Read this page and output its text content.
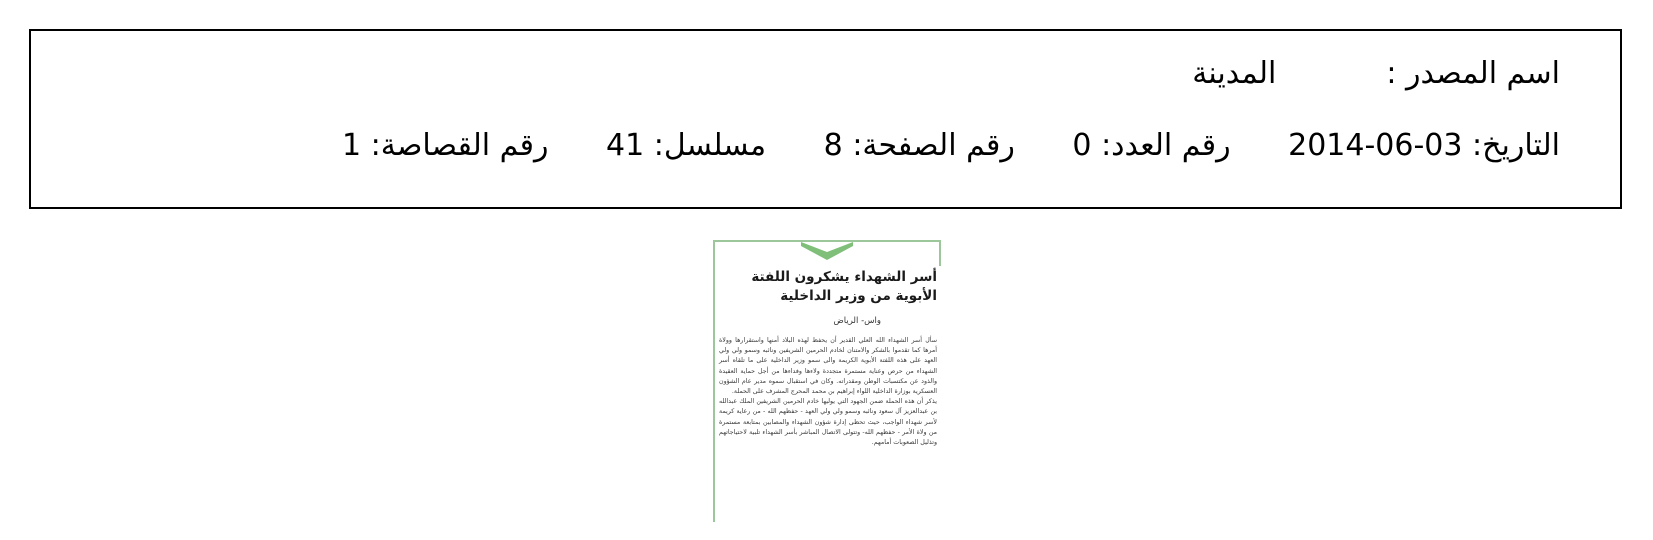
اسم المصدر :المدينة
التاريخ: 2014-06-03 رقم العدد: 0 رقم الصفحة: 8 مسلسل: 41 رقم القصاصة: 1
أسر الشهداء يشكرون اللفتة الأبوية من وزير الداخلية
واس- الرياض

سأل أسر الشهداء الله العلي القدير أن يحفظ لهذه البلاد أمنها واستقرارها وولاة أمرها كما تقدموا بالشكر والامتنان لخادم الحرمين الشريفين ونائبه وسمو ولي ولي العهد على هذه اللفتة الأبوية الكريمة والى سمو وزير الداخلية على ما تلقاه أسر الشهداء من حرص وعناية مستمرة متجددة ولاءها وفداءها من أجل حماية العقيدة والذود عن مكتسبات الوطن ومقدراته. وكان في استقبال سموه مدير عام الشؤون العسكرية بوزارة الداخلية اللواء إبراهيم بن محمد المحرج المشرف على الحملة.

يذكر أن هذه الحملة ضمن الجهود التي يوليها خادم الحرمين الشريفين الملك عبدالله بن عبدالعزيز آل سعود ونائبه وسمو ولي ولي العهد - حفظهم الله - من رعاية كريمة لأسر شهداء الواجب، حيث تحظى إدارة شؤون الشهداء والمصابين بمتابعة مستمرة من ولاة الأمر - حفظهم الله- وتتولى الاتصال المباشر بأسر الشهداء تلبية لاحتياجاتهم وتذليل الصعوبات أمامهم.
